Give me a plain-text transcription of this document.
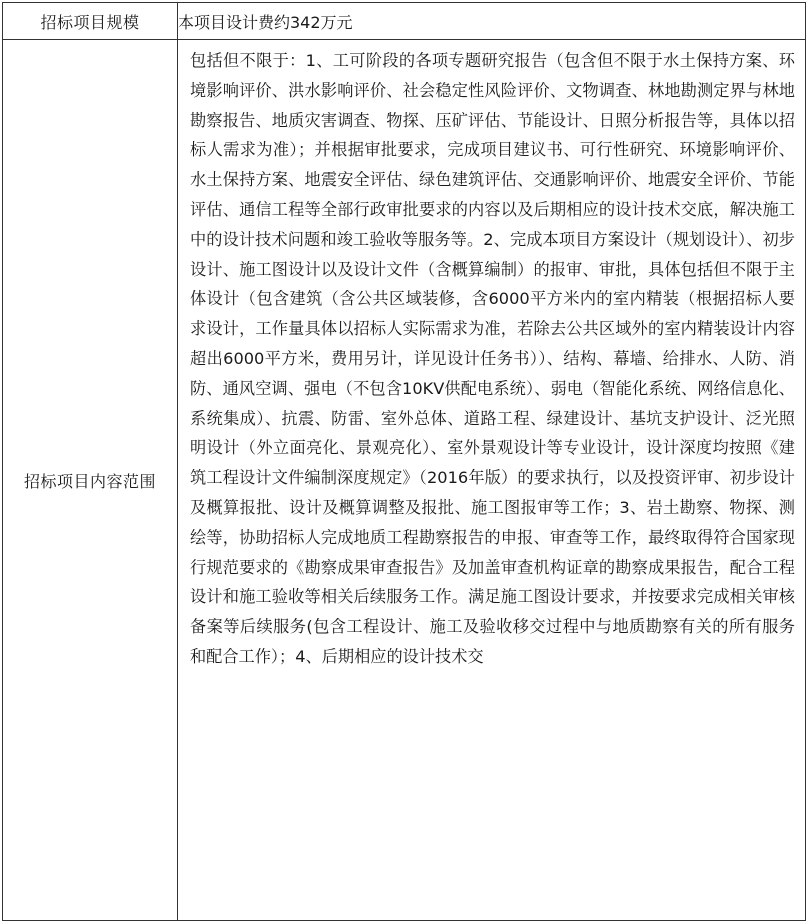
招标项目规模	本项目设计费约342万元
招标项目内容范围	包括但不限于：1、工可阶段的各项专题研究报告（包含但不限于水土保持方案、环境影响评价、洪水影响评价、社会稳定性风险评价、文物调查、林地勘测定界与林地勘察报告、地质灾害调查、物探、压矿评估、节能设计、日照分析报告等，具体以招标人需求为准）；并根据审批要求，完成项目建议书、可行性研究、环境影响评价、水土保持方案、地震安全评估、绿色建筑评估、交通影响评价、地震安全评价、节能评估、通信工程等全部行政审批要求的内容以及后期相应的设计技术交底，解决施工中的设计技术问题和竣工验收等服务等。2、完成本项目方案设计（规划设计）、初步设计、施工图设计以及设计文件（含概算编制）的报审、审批，具体包括但不限于主体设计（包含建筑（含公共区域装修，含6000平方米内的室内精装（根据招标人要求设计，工作量具体以招标人实际需求为准，若除去公共区域外的室内精装设计内容超出6000平方米，费用另计，详见设计任务书））、结构、幕墙、给排水、人防、消防、通风空调、强电（不包含10KV供配电系统）、弱电（智能化系统、网络信息化、系统集成）、抗震、防雷、室外总体、道路工程、绿建设计、基坑支护设计、泛光照明设计（外立面亮化、景观亮化）、室外景观设计等专业设计，设计深度均按照《建筑工程设计文件编制深度规定》（2016年版）的要求执行，以及投资评审、初步设计及概算报批、设计及概算调整及报批、施工图报审等工作；3、岩土勘察、物探、测绘等，协助招标人完成地质工程勘察报告的申报、审查等工作，最终取得符合国家现行规范要求的《勘察成果审查报告》及加盖审查机构证章的勘察成果报告，配合工程设计和施工验收等相关后续服务工作。满足施工图设计要求，并按要求完成相关审核备案等后续服务(包含工程设计、施工及验收移交过程中与地质勘察有关的所有服务和配合工作）；4、后期相应的设计技术交
